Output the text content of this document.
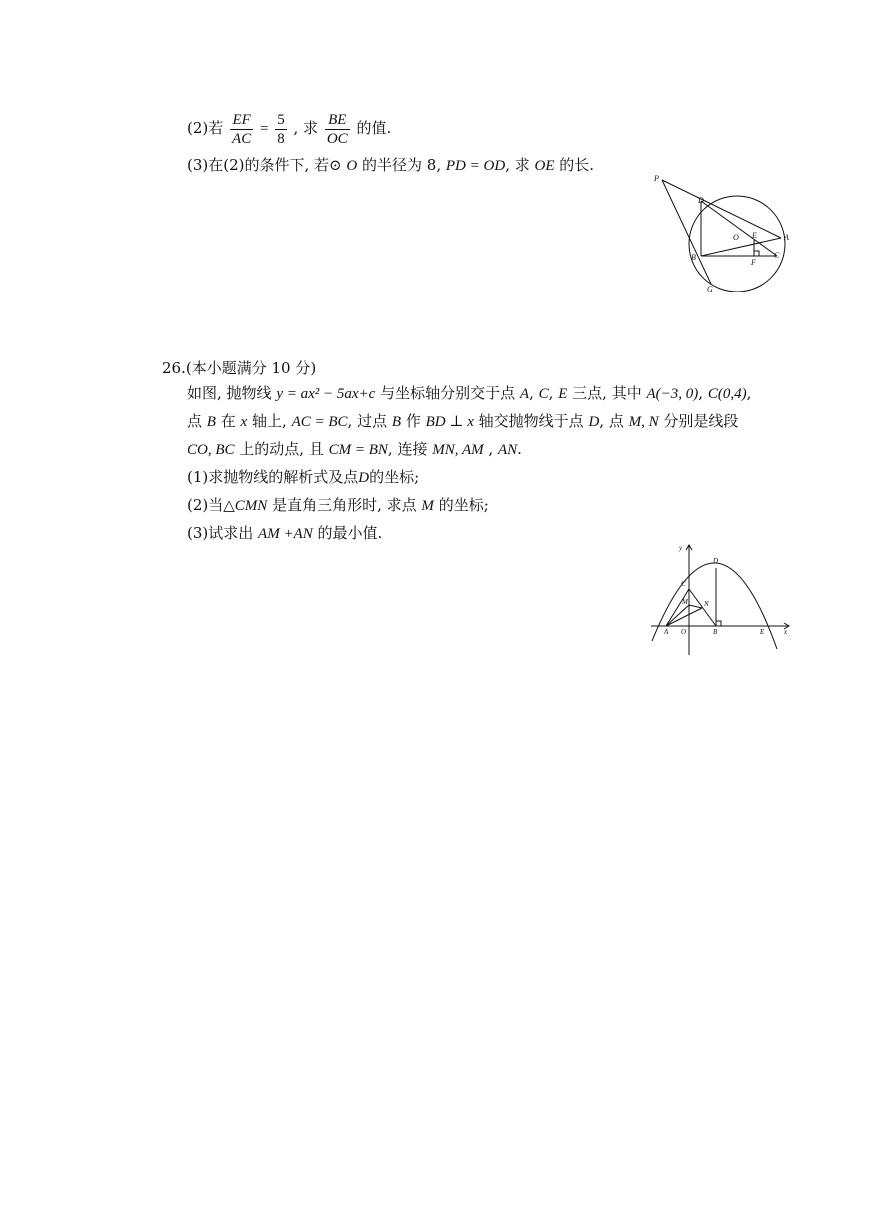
(2)若 $\frac{EF}{AC} = \frac{5}{8}$ , 求 $\frac{BE}{OC}$ 的值.
(3)在(2)的条件下, 若⊙ O 的半径为 8, PD = OD, 求 OE 的长.
P
D
O E	A
B
F
C
G
26.(本小题满分 10 分)
如图, 抛物线 y = ax² − 5ax+c 与坐标轴分别交于点 A, C, E 三点, 其中 A(−3, 0), C(0,4),
点 B 在 x 轴上, AC = BC, 过点 B 作 BD ⊥ x 轴交抛物线于点 D, 点 M, N 分别是线段
CO, BC 上的动点, 且 CM = BN, 连接 MN, AM , AN.
(1)求抛物线的解析式及点D的坐标;
(2)当△CMN 是直角三角形时, 求点 M 的坐标;
(3)试求出 AM +AN 的最小值.
y
D
C
M N
A O	B	E	x
